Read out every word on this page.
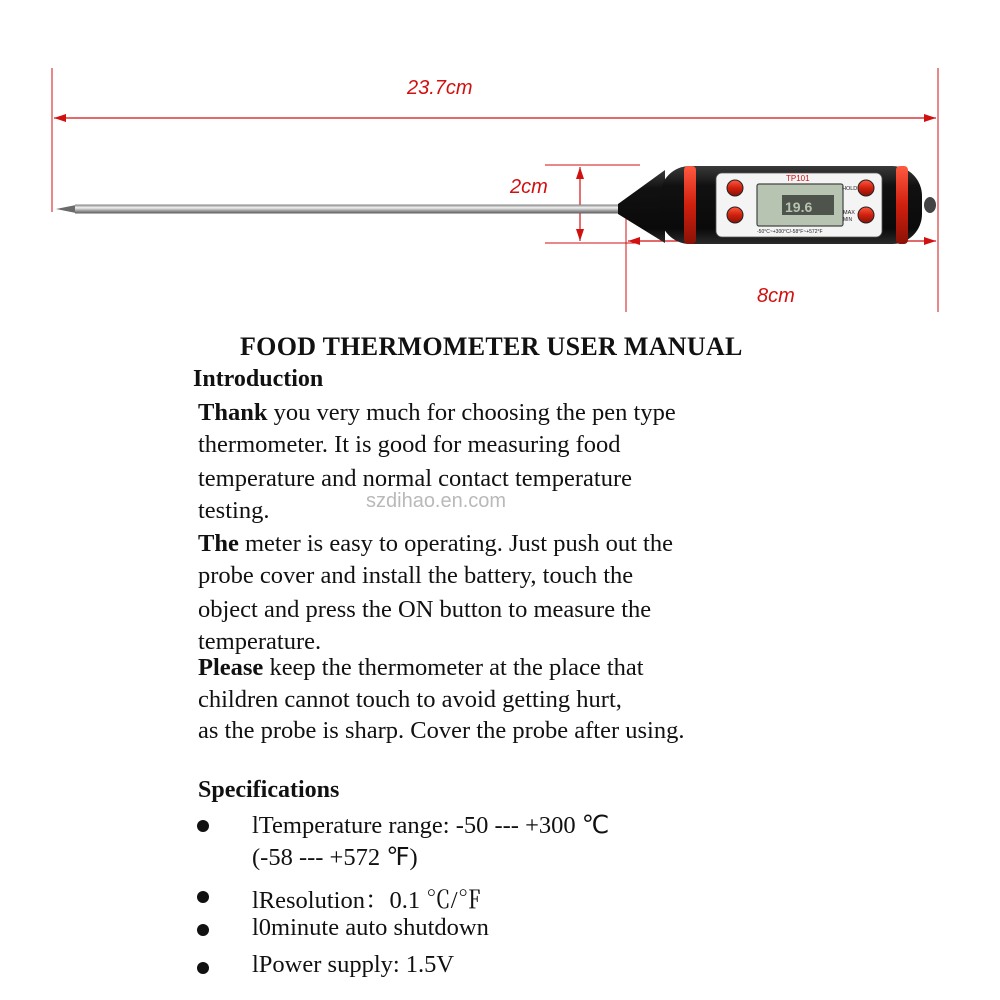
TP101
HOLD
MAX
MIN
-50°C~+300°C/-58°F~+572°F
19.6
23.7cm
2cm
8cm
FOOD THERMOMETER USER MANUAL
Introduction
szdihao.en.com
Thank you very much for choosing the pen type
thermometer. It is good for measuring food
temperature and normal contact temperature
testing.
The meter is easy to operating. Just push out the
probe cover and install the battery, touch the
object and press the ON button to measure the
temperature.
Please keep the thermometer at the place that
children cannot touch to avoid getting hurt,
as the probe is sharp. Cover the probe after using.
Specifications
lTemperature range: -50 --- +300 ℃
(-58 --- +572 ℉)
lResolution：0.1 ℃/℉
l0minute auto shutdown
lPower supply: 1.5V
